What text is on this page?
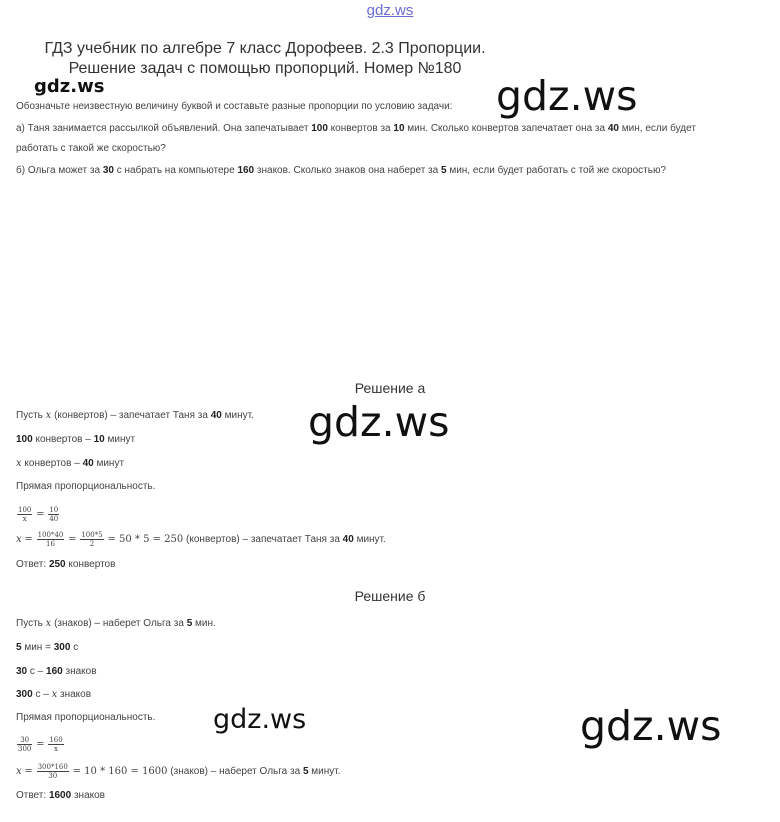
gdz.ws
ГДЗ учебник по алгебре 7 класс Дорофеев. 2.3 Пропорции.
Решение задач с помощью пропорций. Номер №180
gdz.ws	gdz.ws
Обозначьте неизвестную величину буквой и составьте разные пропорции по условию задачи:
а) Таня занимается рассылкой объявлений. Она запечатывает 100 конвертов за 10 мин. Сколько конвертов запечатает она за 40 мин, если будет
работать с такой же скоростью?
б) Ольга может за 30 с набрать на компьютере 160 знаков. Сколько знаков она наберет за 5 мин, если будет работать с той же скоростью?
Решение а
gdz.ws
Пусть x (конвертов) – запечатает Таня за 40 минут.
100 конвертов – 10 минут
x конвертов – 40 минут
Прямая пропорциональность.
$\frac{100}{x} = \frac{10}{40}$
$x = \frac{100*40}{16} = \frac{100*5}{2} = 50 * 5 = 250$ (конвертов) – запечатает Таня за 40 минут.
Ответ: 250 конвертов
Решение б
Пусть x (знаков) – наберет Ольга за 5 мин.
5 мин = 300 с
30 с – 160 знаков
300 с – x знаков
Прямая пропорциональность. gdz.ws	gdz.ws
$\frac{30}{300} = \frac{160}{x}$
$x = \frac{300*160}{30} = 10 * 160 = 1600$ (знаков) – наберет Ольга за 5 минут.
Ответ: 1600 знаков
